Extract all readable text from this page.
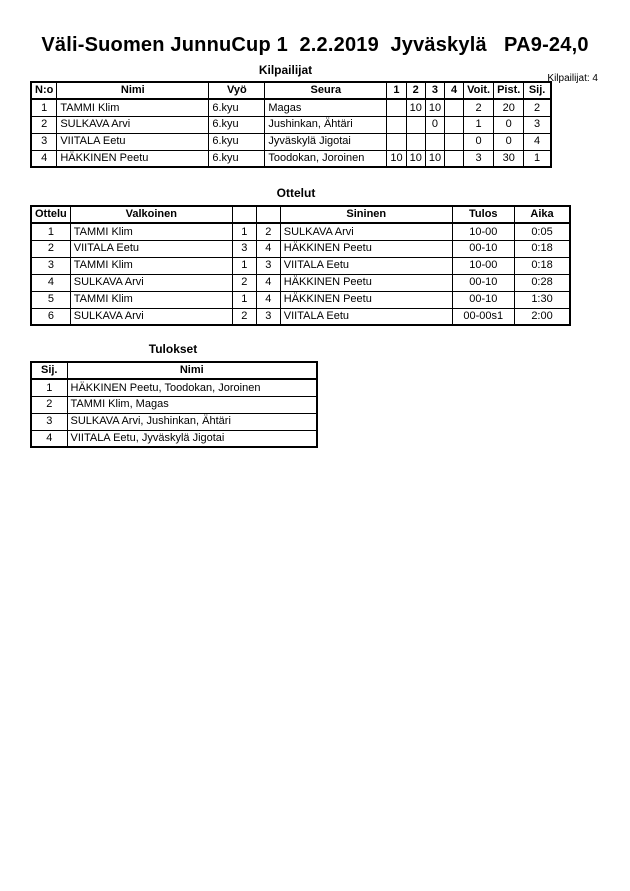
Väli-Suomen JunnuCup 1  2.2.2019  Jyväskylä   PA9-24,0
Kilpailijat
Kilpailijat: 4
N:o	Nimi	Vyö	Seura	1	2	3	4	Voit.	Pist.	Sij.
1	TAMMI Klim	6.kyu	Magas		10	10		2	20	2
2	SULKAVA Arvi	6.kyu	Jushinkan, Ähtäri			0		1	0	3
3	VIITALA Eetu	6.kyu	Jyväskylä Jigotai					0	0	4
4	HÄKKINEN Peetu	6.kyu	Toodokan, Joroinen	10	10	10		3	30	1
Ottelut
Ottelu	Valkoinen			Sininen	Tulos	Aika
1	TAMMI Klim	1	2	SULKAVA Arvi	10-00	0:05
2	VIITALA Eetu	3	4	HÄKKINEN Peetu	00-10	0:18
3	TAMMI Klim	1	3	VIITALA Eetu	10-00	0:18
4	SULKAVA Arvi	2	4	HÄKKINEN Peetu	00-10	0:28
5	TAMMI Klim	1	4	HÄKKINEN Peetu	00-10	1:30
6	SULKAVA Arvi	2	3	VIITALA Eetu	00-00s1	2:00
Tulokset
Sij.	Nimi
1	HÄKKINEN Peetu, Toodokan, Joroinen
2	TAMMI Klim, Magas
3	SULKAVA Arvi, Jushinkan, Ähtäri
4	VIITALA Eetu, Jyväskylä Jigotai
